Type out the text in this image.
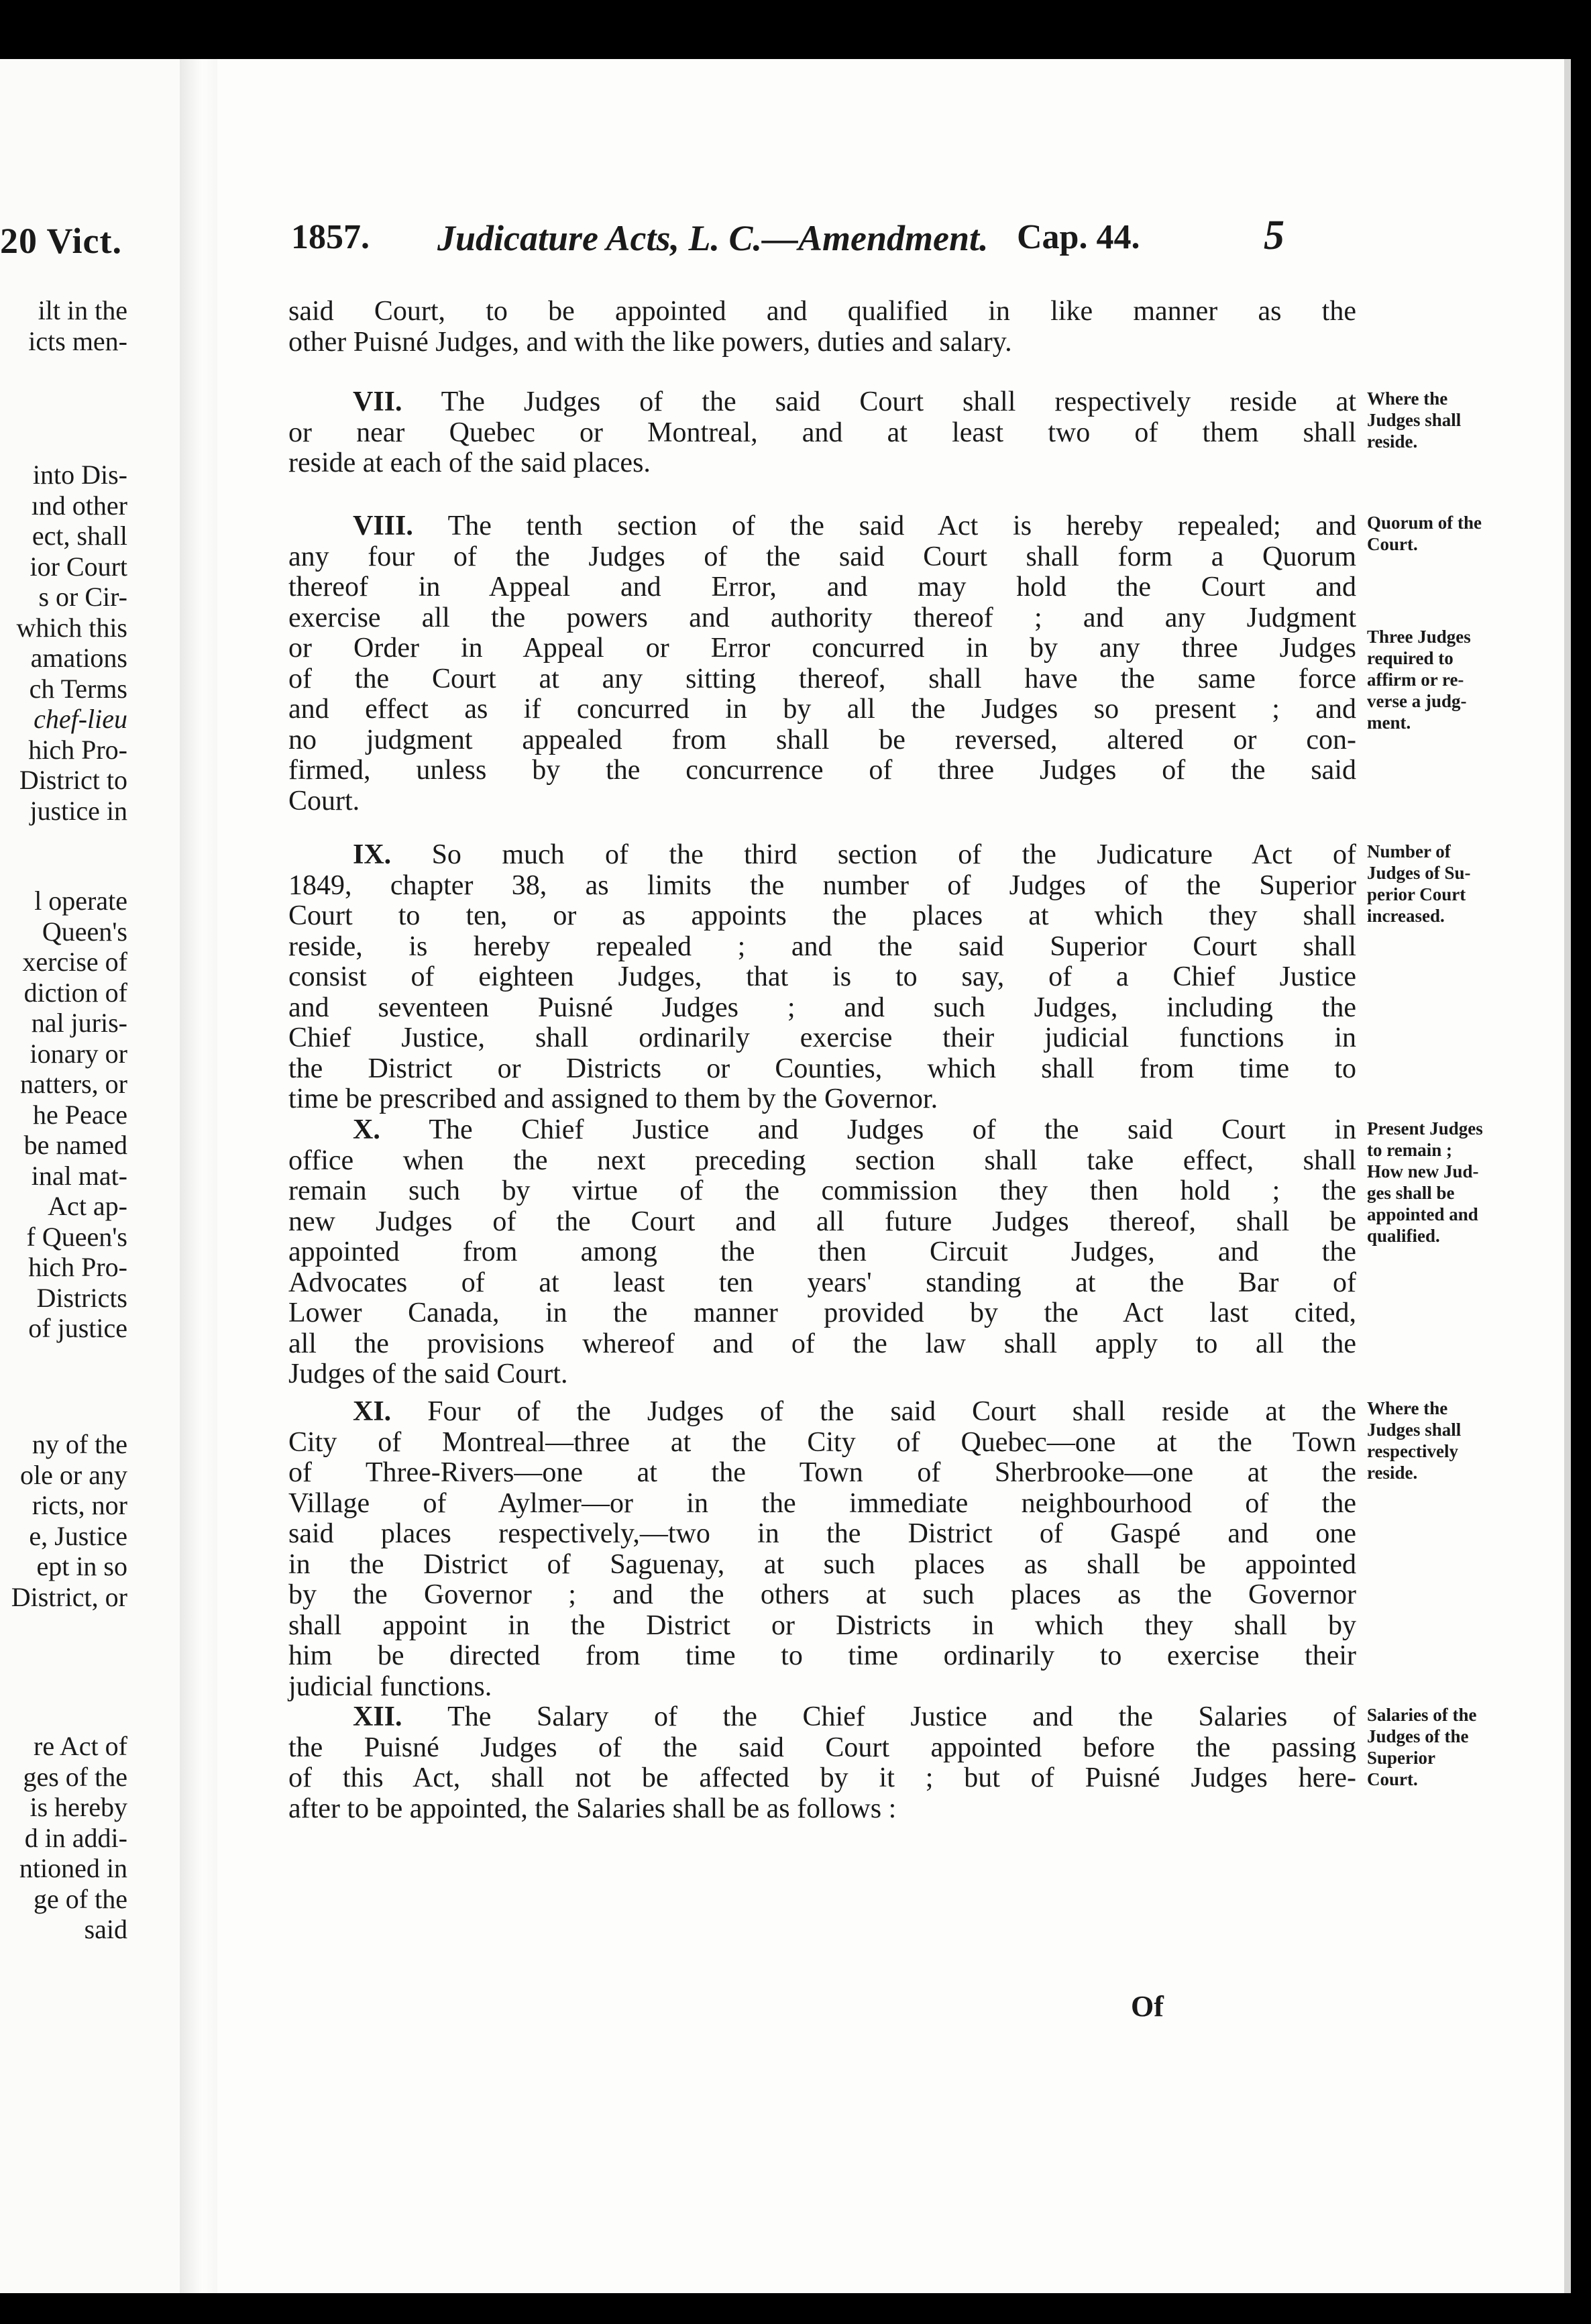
20 Vict.
ilt in the
icts men-
into Dis-
ınd other
ect, shall
ior Court
s or Cir-
which this
amations
ch Terms
chef-lieu
hich Pro-
District to
justice in
l operate
Queen's
xercise of
diction of
nal juris-
ionary or
natters, or
he Peace
be named
inal mat-
Act ap-
f Queen's
hich Pro-
Districts
of justice
ny of the
ole or any
ricts, nor
e, Justice
ept in so
District, or
re Act of
ges of the
is hereby
d in addi-
ntioned in
ge of the
said
1857. Judicature Acts, L. C.—Amendment. Cap. 44.	5
said Court, to be appointed and qualified in like manner as the
other Puisné Judges, and with the like powers, duties and salary.
VII. The Judges of the said Court shall respectively reside at
or near Quebec or Montreal, and at least two of them shall
reside at each of the said places.
VIII. The tenth section of the said Act is hereby repealed; and
any four of the Judges of the said Court shall form a Quorum
thereof in Appeal and Error, and may hold the Court and
exercise all the powers and authority thereof ; and any Judgment
or Order in Appeal or Error concurred in by any three Judges
of the Court at any sitting thereof, shall have the same force
and effect as if concurred in by all the Judges so present ; and
no judgment appealed from shall be reversed, altered or con-
firmed, unless by the concurrence of three Judges of the said
Court.
IX. So much of the third section of the Judicature Act of
1849, chapter 38, as limits the number of Judges of the Superior
Court to ten, or as appoints the places at which they shall
reside, is hereby repealed ; and the said Superior Court shall
consist of eighteen Judges, that is to say, of a Chief Justice
and seventeen Puisné Judges ; and such Judges, including the
Chief Justice, shall ordinarily exercise their judicial functions in
the District or Districts or Counties, which shall from time to
time be prescribed and assigned to them by the Governor.
X. The Chief Justice and Judges of the said Court in
office when the next preceding section shall take effect, shall
remain such by virtue of the commission they then hold ; the
new Judges of the Court and all future Judges thereof, shall be
appointed from among the then Circuit Judges, and the
Advocates of at least ten years' standing at the Bar of
Lower Canada, in the manner provided by the Act last cited,
all the provisions whereof and of the law shall apply to all the
Judges of the said Court.
XI. Four of the Judges of the said Court shall reside at the
City of Montreal—three at the City of Quebec—one at the Town
of Three-Rivers—one at the Town of Sherbrooke—one at the
Village of Aylmer—or in the immediate neighbourhood of the
said places respectively,—two in the District of Gaspé and one
in the District of Saguenay, at such places as shall be appointed
by the Governor ; and the others at such places as the Governor
shall appoint in the District or Districts in which they shall by
him be directed from time to time ordinarily to exercise their
judicial functions.
XII. The Salary of the Chief Justice and the Salaries of
the Puisné Judges of the said Court appointed before the passing
of this Act, shall not be affected by it ; but of Puisné Judges here-
after to be appointed, the Salaries shall be as follows :
Where the
Judges shall
reside.
Quorum of the
Court.
Three Judges
required to
affirm or re-
verse a judg-
ment.
Number of
Judges of Su-
perior Court
increased.
Present Judges
to remain ;
How new Jud-
ges shall be
appointed and
qualified.
Where the
Judges shall
respectively
reside.
Salaries of the
Judges of the
Superior
Court.
Of
